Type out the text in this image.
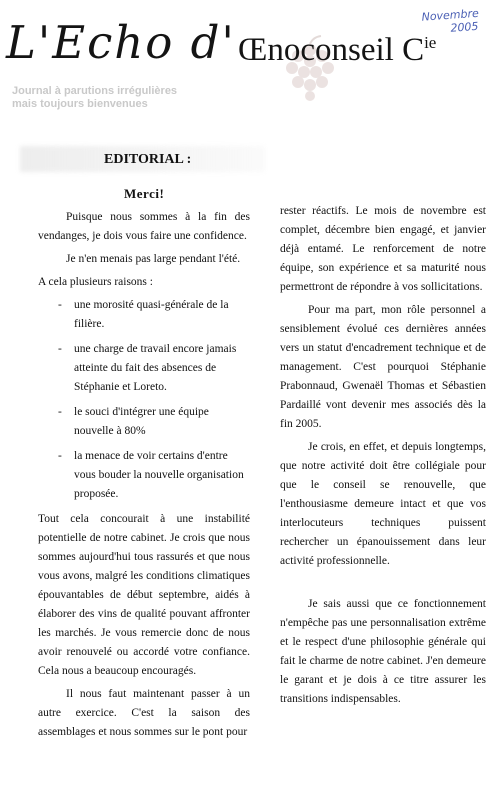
L'Echo d' Œnoconseil $C^{ie}$
Novembre
2005
Journal à parutions irrégulières
mais toujours bienvenues
EDITORIAL :
Merci!

Puisque nous sommes à la fin des vendanges, je dois vous faire une confidence.

Je n'en menais pas large pendant l'été.

A cela plusieurs raisons :

- une morosité quasi-générale de la filière.
- une charge de travail encore jamais atteinte du fait des absences de Stéphanie et Loreto.
- le souci d'intégrer une équipe nouvelle à 80%
- la menace de voir certains d'entre vous bouder la nouvelle organisation proposée.

Tout cela concourait à une instabilité potentielle de notre cabinet. Je crois que nous sommes aujourd'hui tous rassurés et que nous vous avons, malgré les conditions climatiques épouvantables de début septembre, aidés à élaborer des vins de qualité pouvant affronter les marchés. Je vous remercie donc de nous avoir renouvelé ou accordé votre confiance. Cela nous a beaucoup encouragés.

Il nous faut maintenant passer à un autre exercice. C'est la saison des assemblages et nous sommes sur le pont pour

rester réactifs. Le mois de novembre est complet, décembre bien engagé, et janvier déjà entamé. Le renforcement de notre équipe, son expérience et sa maturité nous permettront de répondre à vos sollicitations.

Pour ma part, mon rôle personnel a sensiblement évolué ces dernières années vers un statut d'encadrement technique et de management. C'est pourquoi Stéphanie Prabonnaud, Gwenaël Thomas et Sébastien Pardaillé vont devenir mes associés dès la fin 2005.

Je crois, en effet, et depuis longtemps, que notre activité doit être collégiale pour que le conseil se renouvelle, que l'enthousiasme demeure intact et que vos interlocuteurs techniques puissent rechercher un épanouissement dans leur activité professionnelle.

Je sais aussi que ce fonctionnement n'empêche pas une personnalisation extrême et le respect d'une philosophie générale qui fait le charme de notre cabinet. J'en demeure le garant et je dois à ce titre assurer les transitions indispensables.
